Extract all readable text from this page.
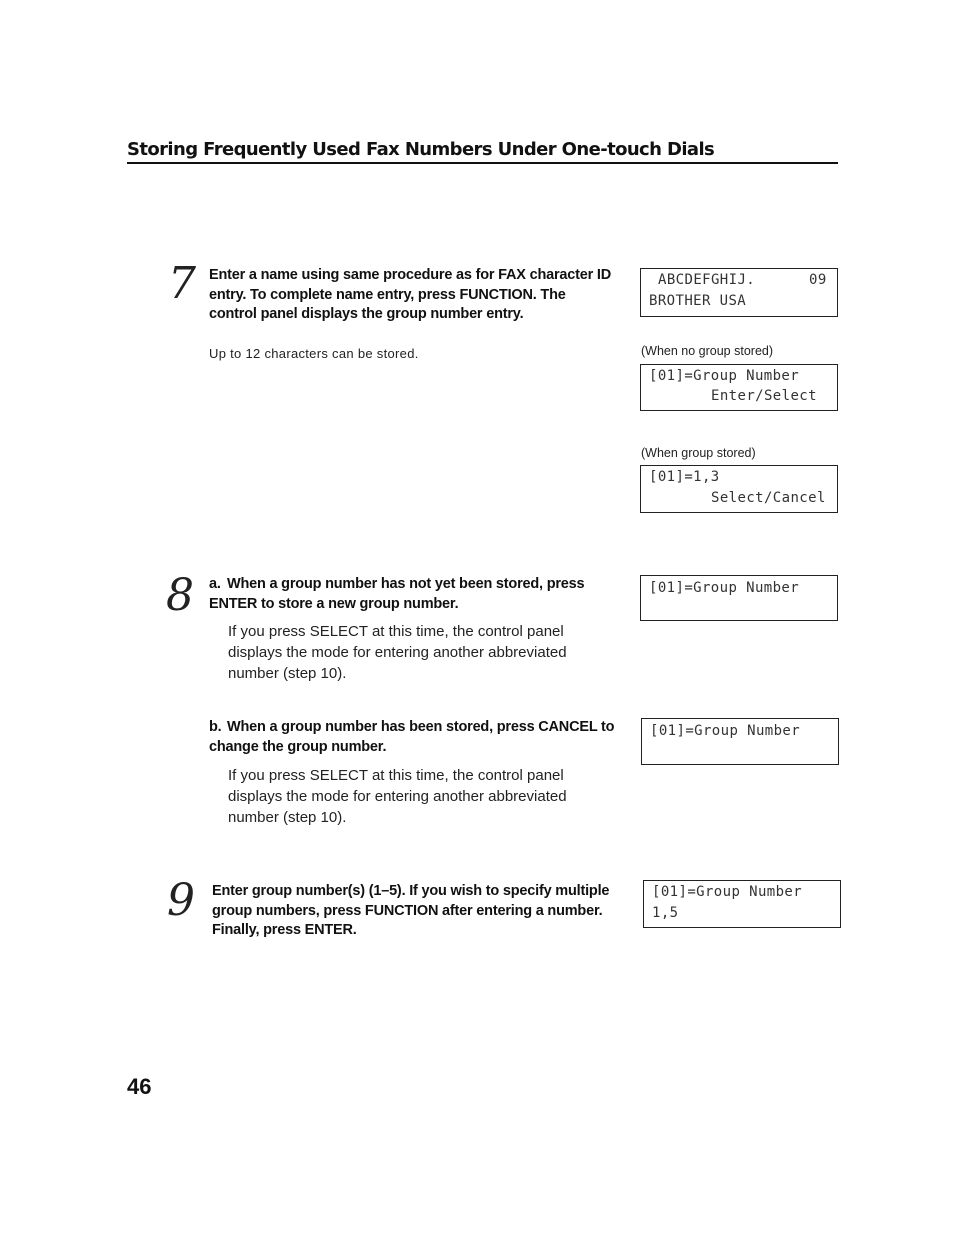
Storing Frequently Used Fax Numbers Under One-touch Dials
7 Enter a name using same procedure as for FAX character ID entry. To complete name entry, press FUNCTION. The control panel displays the group number entry.

Up to 12 characters can be stored.

ABCDEFGHIJ.	09
BROTHER USA

(When no group stored)

[01]=Group Number
Enter/Select

(When group stored)

[01]=1,3
Select/Cancel
8 a. When a group number has not yet been stored, press ENTER to store a new group number.

If you press SELECT at this time, the control panel displays the mode for entering another abbreviated number (step 10).

[01]=Group Number

b. When a group number has been stored, press CANCEL to change the group number.

If you press SELECT at this time, the control panel displays the mode for entering another abbreviated number (step 10).

[01]=Group Number
9 Enter group number(s) (1–5). If you wish to specify multiple group numbers, press FUNCTION after entering a number. Finally, press ENTER.

[01]=Group Number
1,5

46
